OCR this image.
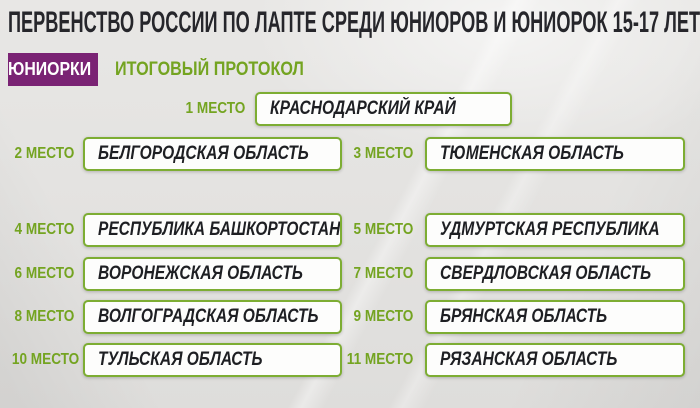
ПЕРВЕНСТВО РОССИИ ПО ЛАПТЕ СРЕДИ ЮНИОРОВ И ЮНИОРОК 15-17 ЛЕТ
ЮНИОРКИ	ИТОГОВЫЙ ПРОТОКОЛ
1 МЕСТО	КРАСНОДАРСКИЙ КРАЙ
2 МЕСТО	БЕЛГОРОДСКАЯ ОБЛАСТЬ	3 МЕСТО	ТЮМЕНСКАЯ ОБЛАСТЬ
4 МЕСТО	РЕСПУБЛИКА БАШКОРТОСТАН 5 МЕСТО	УДМУРТСКАЯ РЕСПУБЛИКА
6 МЕСТО	ВОРОНЕЖСКАЯ ОБЛАСТЬ	7 МЕСТО	СВЕРДЛОВСКАЯ ОБЛАСТЬ
8 МЕСТО	ВОЛГОГРАДСКАЯ ОБЛАСТЬ	9 МЕСТО	БРЯНСКАЯ ОБЛАСТЬ
10 МЕСТО ТУЛЬСКАЯ ОБЛАСТЬ	11 МЕСТО	РЯЗАНСКАЯ ОБЛАСТЬ
